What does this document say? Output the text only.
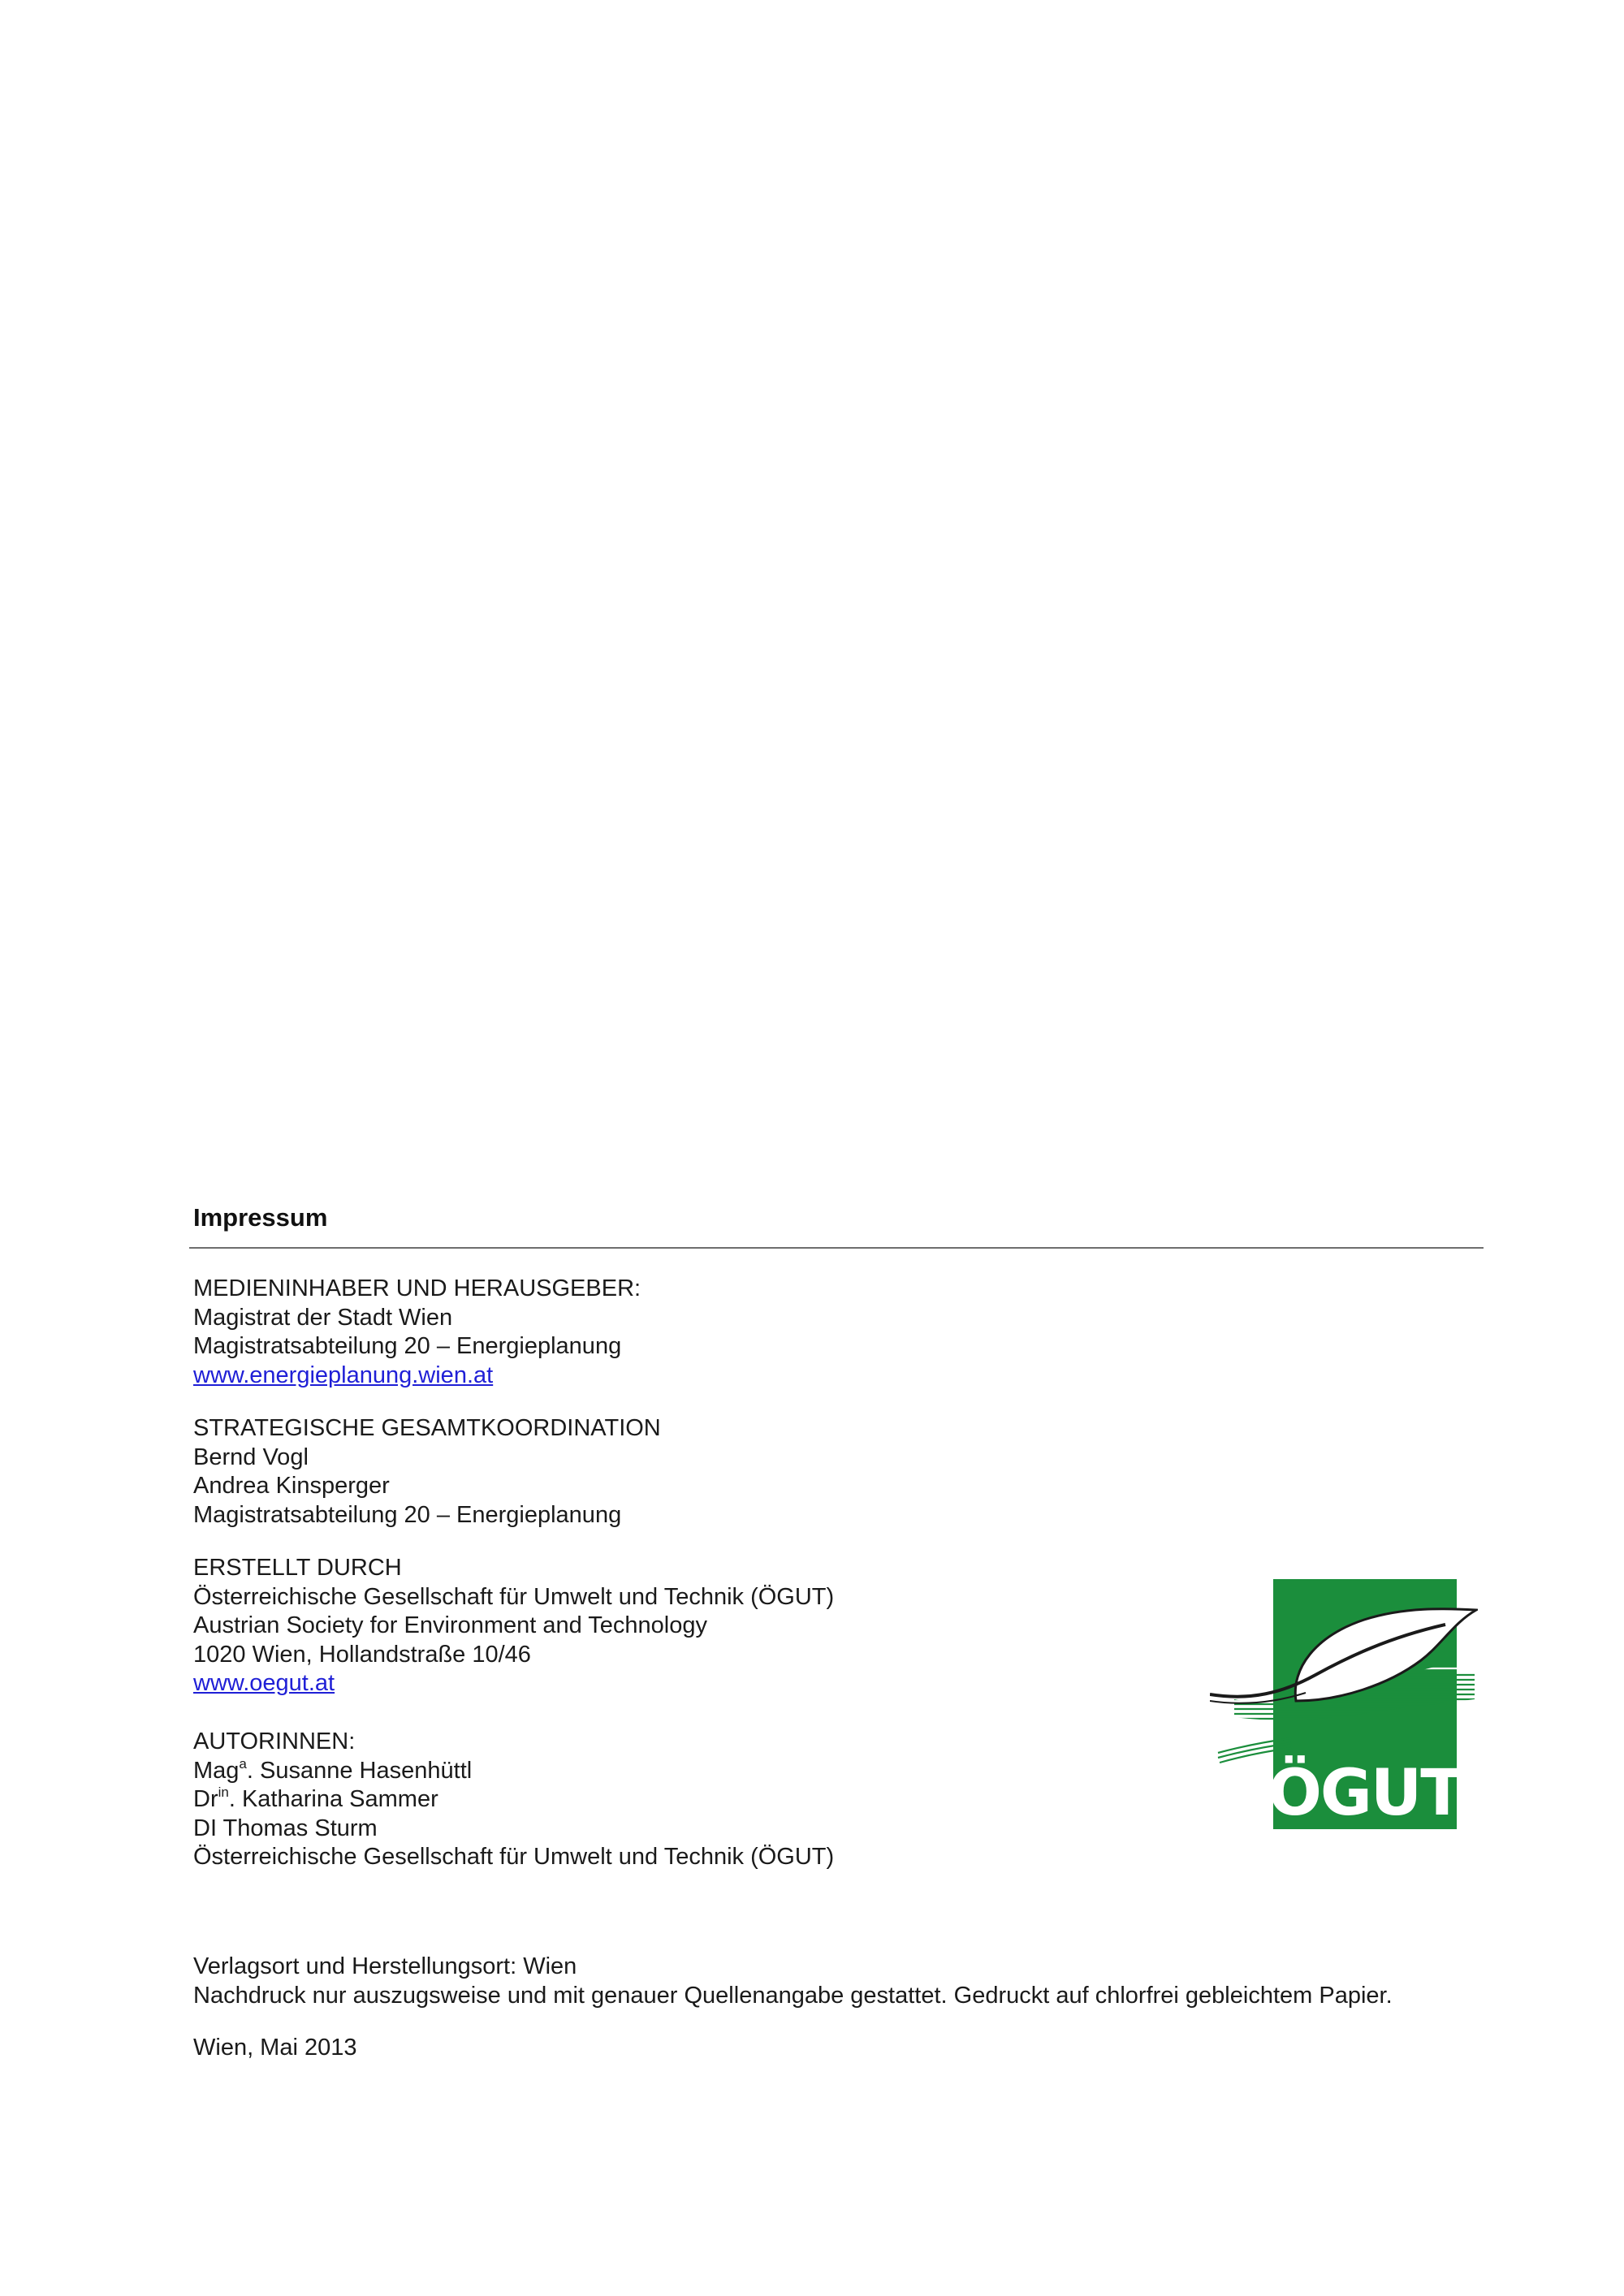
Impressum
MEDIENINHABER UND HERAUSGEBER:
Magistrat der Stadt Wien
Magistratsabteilung 20 – Energieplanung
www.energieplanung.wien.at
STRATEGISCHE GESAMTKOORDINATION
Bernd Vogl
Andrea Kinsperger
Magistratsabteilung 20 – Energieplanung
ERSTELLT DURCH
Österreichische Gesellschaft für Umwelt und Technik (ÖGUT)
Austrian Society for Environment and Technology
1020 Wien, Hollandstraße 10/46
www.oegut.at
AUTORINNEN:
Mag$^a$. Susanne Hasenhüttl
$Dr^{in}$. Katharina Sammer
DI Thomas Sturm
Österreichische Gesellschaft für Umwelt und Technik (ÖGUT)
Verlagsort und Herstellungsort: Wien
Nachdruck nur auszugsweise und mit genauer Quellenangabe gestattet. Gedruckt auf chlorfrei gebleichtem Papier.
Wien, Mai 2013
ÖGUT
